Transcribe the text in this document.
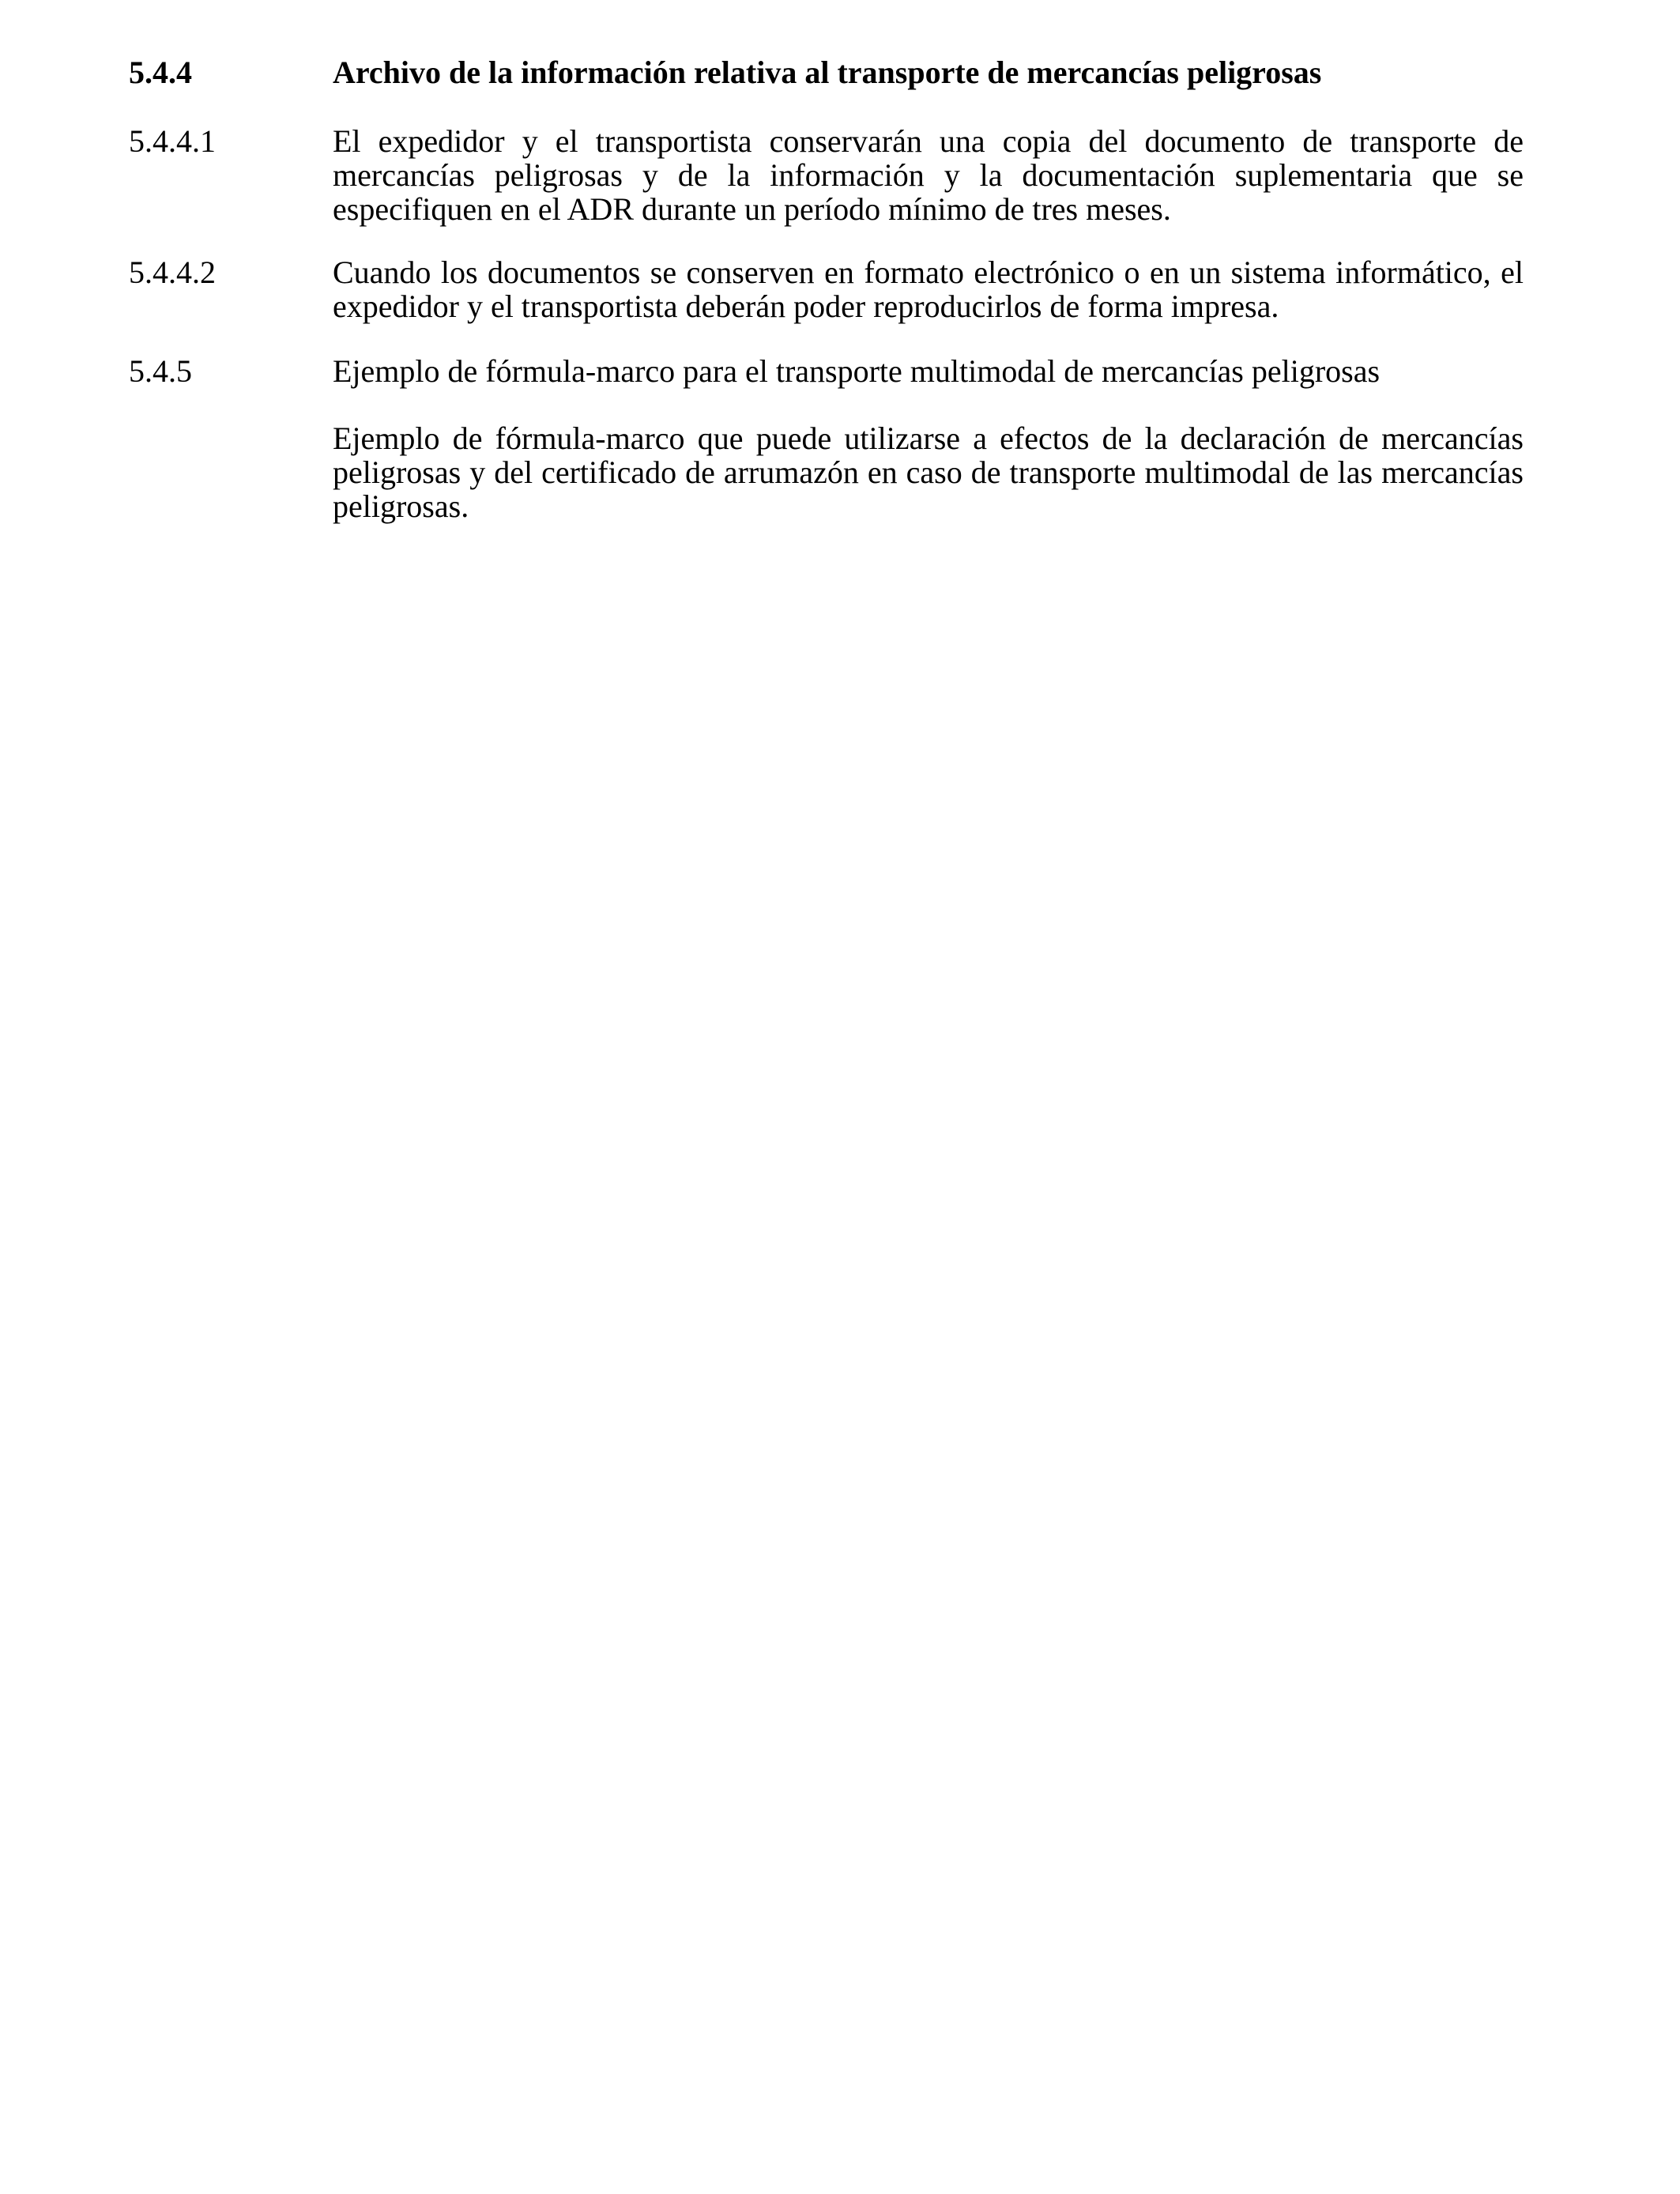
5.4.4	Archivo de la información relativa al transporte de mercancías peligrosas
5.4.4.1	El expedidor y el transportista conservarán una copia del documento de transporte de mercancías peligrosas y de la información y la documentación suplementaria que se especifiquen en el ADR durante un período mínimo de tres meses.
5.4.4.2	Cuando los documentos se conserven en formato electrónico o en un sistema informático, el expedidor y el transportista deberán poder reproducirlos de forma impresa.
5.4.5	Ejemplo de fórmula-marco para el transporte multimodal de mercancías peligrosas
Ejemplo de fórmula-marco que puede utilizarse a efectos de la declaración de mercancías peligrosas y del certificado de arrumazón en caso de transporte multimodal de las mercancías peligrosas.
